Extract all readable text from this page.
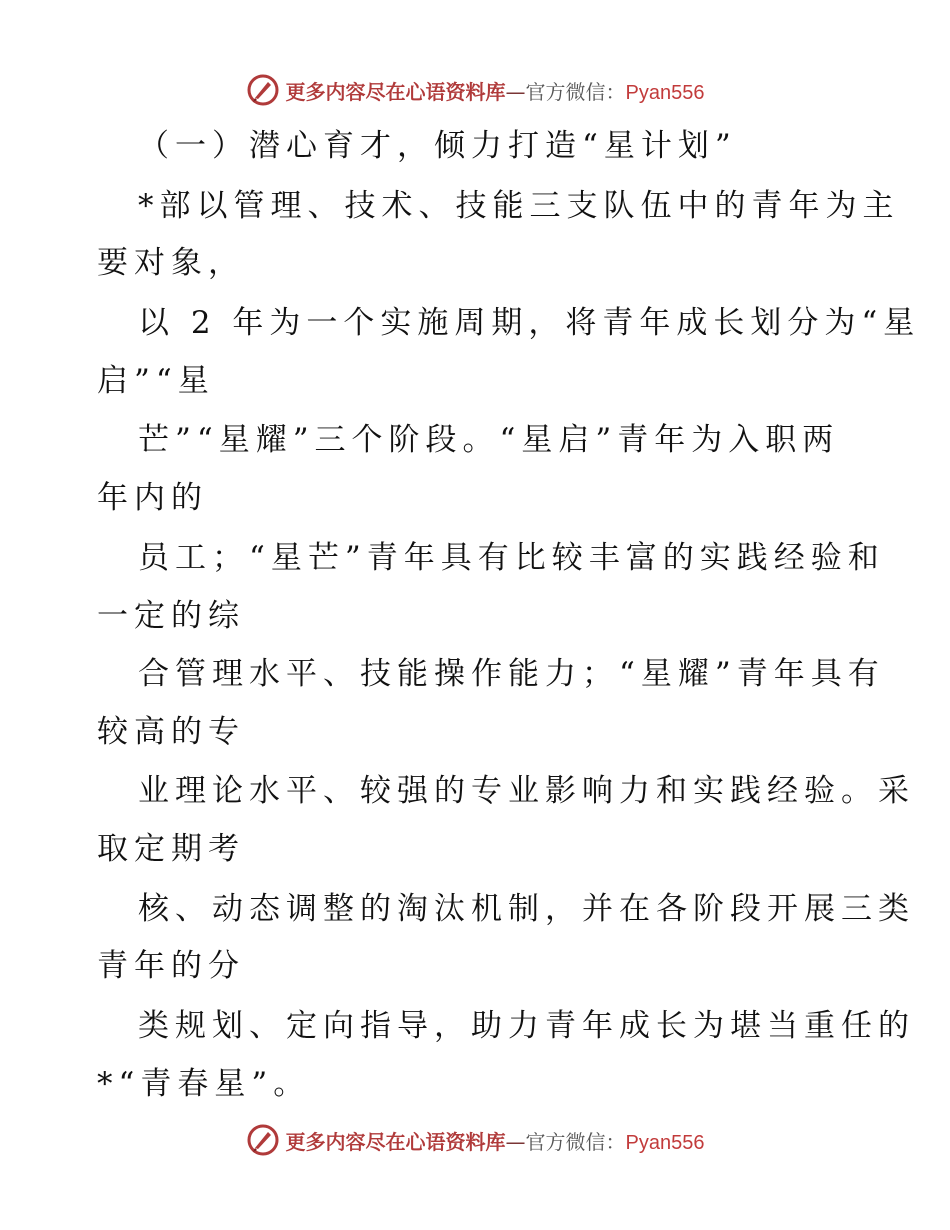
更多内容尽在心语资料库—官方微信：Pyan556
（一）潜心育才，倾力打造“星计划”
*部以管理、技术、技能三支队伍中的青年为主
要对象，
以 2 年为一个实施周期，将青年成长划分为“星
启”“星
芒”“星耀”三个阶段。“星启”青年为入职两
年内的
员工；“星芒”青年具有比较丰富的实践经验和
一定的综
合管理水平、技能操作能力；“星耀”青年具有
较高的专
业理论水平、较强的专业影响力和实践经验。采
取定期考
核、动态调整的淘汰机制，并在各阶段开展三类
青年的分
类规划、定向指导，助力青年成长为堪当重任的
*“青春星”。
更多内容尽在心语资料库—官方微信：Pyan556
